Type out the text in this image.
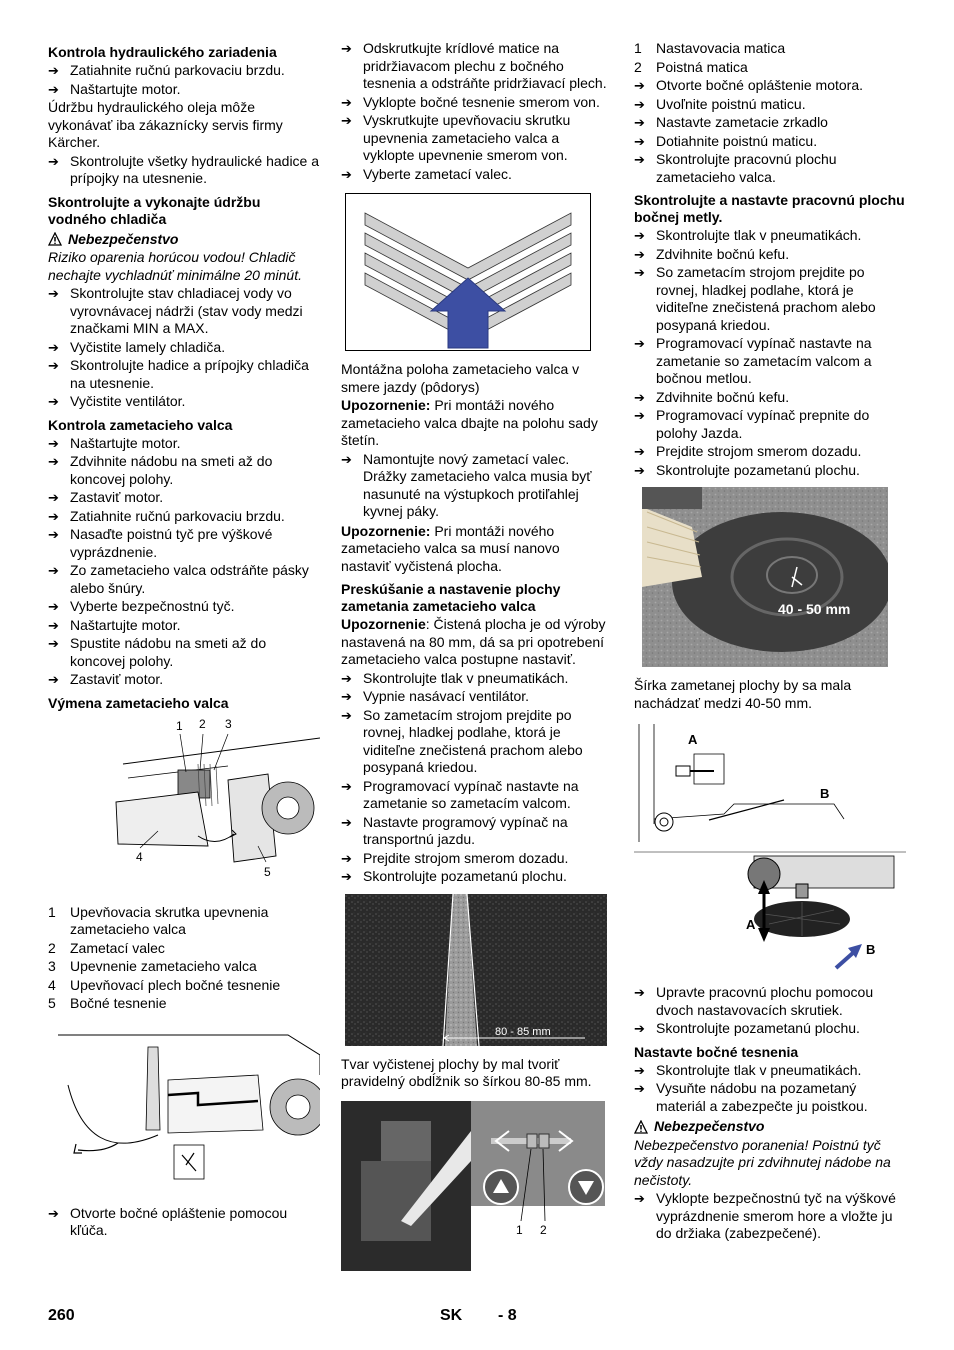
Kontrola hydraulického zariadenia
➔ Zatiahnite ručnú parkovaciu brzdu.
➔ Naštartujte motor.
Údržbu hydraulického oleja môže vykonávať iba zákaznícky servis firmy Kärcher.
➔ Skontrolujte všetky hydraulické hadice a prípojky na utesnenie.
Skontrolujte a vykonajte údržbu vodného chladiča
Nebezpečenstvo
Riziko oparenia horúcou vodou! Chladič nechajte vychladnúť minimálne 20 minút.
➔ Skontrolujte stav chladiacej vody vo vyrovnávacej nádrži (stav vody medzi značkami MIN a MAX.
➔ Vyčistite lamely chladiča.
➔ Skontrolujte hadice a prípojky chladiča na utesnenie.
➔ Vyčistite ventilátor.
Kontrola zametacieho valca
➔ Naštartujte motor.
➔ Zdvihnite nádobu na smeti až do koncovej polohy.
➔ Zastaviť motor.
➔ Zatiahnite ručnú parkovaciu brzdu.
➔ Nasaďte poistnú tyč pre výškové vyprázdnenie.
➔ Zo zametacieho valca odstráňte pásky alebo šnúry.
➔ Vyberte bezpečnostnú tyč.
➔ Naštartujte motor.
➔ Spustite nádobu na smeti až do koncovej polohy.
➔ Zastaviť motor.
Výmena zametacieho valca
1 2 3
4
5
1	Upevňovacia skrutka upevnenia zametacieho valca
2	Zametací valec
3	Upevnenie zametacieho valca
4	Upevňovací plech bočné tesnenie
5	Bočné tesnenie
➔ Otvorte bočné opláštenie pomocou kľúča.
➔ Odskrutkujte krídlové matice na pridržiavacom plechu z bočného tesnenia a odstráňte pridržiavací plech.
➔ Vyklopte bočné tesnenie smerom von.
➔ Vyskrutkujte upevňovaciu skrutku upevnenia zametacieho valca a vyklopte upevnenie smerom von.
➔ Vyberte zametací valec.
Montážna poloha zametacieho valca v smere jazdy (pôdorys)
Upozornenie: Pri montáži nového zametacieho valca dbajte na polohu sady štetín.
➔ Namontujte nový zametací valec. Drážky zametacieho valca musia byť nasunuté na výstupkoch protiľahlej kyvnej páky.
Upozornenie: Pri montáži nového zametacieho valca sa musí nanovo nastaviť vyčistená plocha.
Preskúšanie a nastavenie plochy zametania zametacieho valca
Upozornenie: Čistená plocha je od výroby nastavená na 80 mm, dá sa pri opotrebení zametacieho valca postupne nastaviť.
➔ Skontrolujte tlak v pneumatikách.
➔ Vypnie nasávací ventilátor.
➔ So zametacím strojom prejdite po rovnej, hladkej podlahe, ktorá je viditeľne znečistená prachom alebo posypaná kriedou.
➔ Programovací vypínač nastavte na zametanie so zametacím valcom.
➔ Nastavte programový vypínač na transportnú jazdu.
➔ Prejdite strojom smerom dozadu.
➔ Skontrolujte pozametanú plochu.
80 - 85 mm
Tvar vyčistenej plochy by mal tvoriť pravidelný obdĺžnik so šírkou 80-85 mm.
1 2
1	Nastavovacia matica
2	Poistná matica
➔ Otvorte bočné opláštenie motora.
➔ Uvoľnite poistnú maticu.
➔ Nastavte zametacie zrkadlo
➔ Dotiahnite poistnú maticu.
➔ Skontrolujte pracovnú plochu zametacieho valca.
Skontrolujte a nastavte pracovnú plochu bočnej metly.
➔ Skontrolujte tlak v pneumatikách.
➔ Zdvihnite bočnú kefu.
➔ So zametacím strojom prejdite po rovnej, hladkej podlahe, ktorá je viditeľne znečistená prachom alebo posypaná kriedou.
➔ Programovací vypínač nastavte na zametanie so zametacím valcom a bočnou metlou.
➔ Zdvihnite bočnú kefu.
➔ Programovací vypínač prepnite do polohy Jazda.
➔ Prejdite strojom smerom dozadu.
➔ Skontrolujte pozametanú plochu.
40 - 50 mm
Šírka zametanej plochy by sa mala nachádzať medzi 40-50 mm.
A
B
A
B
➔ Upravte pracovnú plochu pomocou dvoch nastavovacích skrutiek.
➔ Skontrolujte pozametanú plochu.
Nastavte bočné tesnenia
➔ Skontrolujte tlak v pneumatikách.
➔ Vysuňte nádobu na pozametaný materiál a zabezpečte ju poistkou.
Nebezpečenstvo
Nebezpečenstvo poranenia! Poistnú tyč vždy nasadzujte pri zdvihnutej nádobe na nečistoty.
➔ Vyklopte bezpečnostnú tyč na výškové vyprázdnenie smerom hore a vložte ju do držiaka (zabezpečené).
260	SK - 8
